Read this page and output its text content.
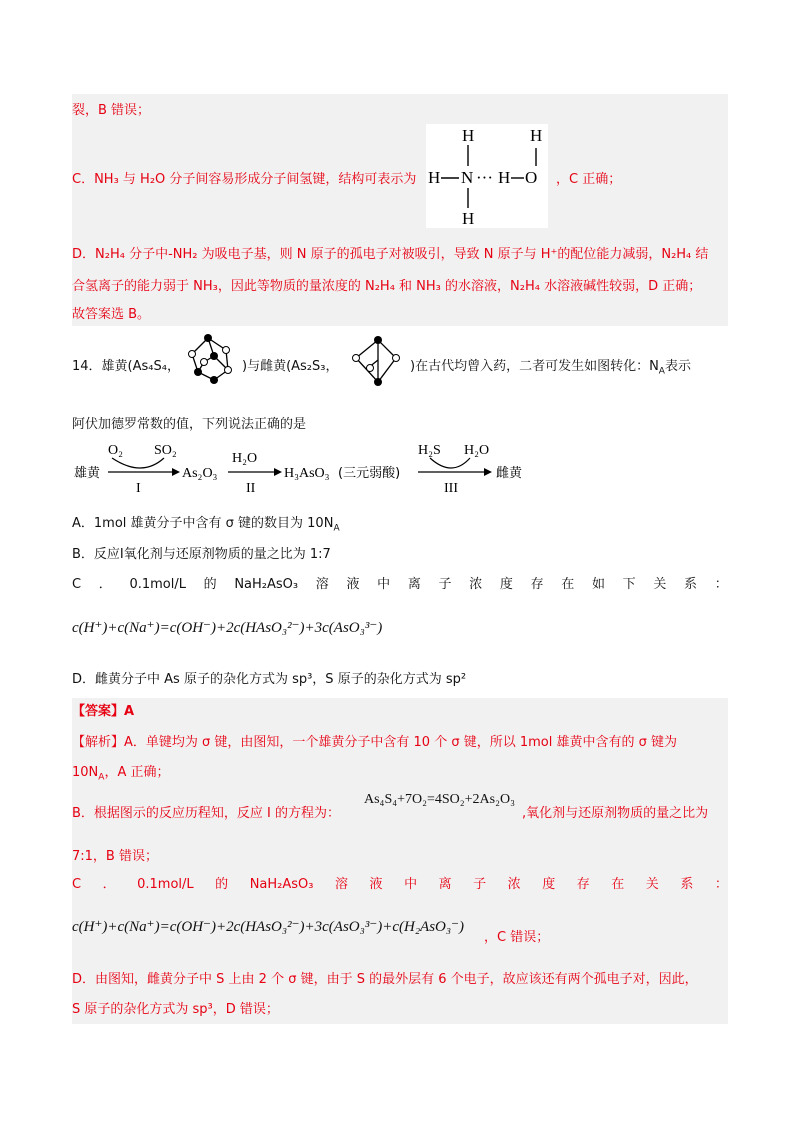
裂，B 错误；
C．NH₃ 与 H₂O 分子间容易形成分子间氢键，结构可表示为	，C 正确；
H
H N ··· H O
H
H
D．N₂H₄ 分子中-NH₂ 为吸电子基，则 N 原子的孤电子对被吸引，导致 N 原子与 H⁺的配位能力减弱，N₂H₄ 结
合氢离子的能力弱于 NH₃，因此等物质的量浓度的 N₂H₄ 和 NH₃ 的水溶液，N₂H₄ 水溶液碱性较弱，D 正确；
故答案选 B。
14．雄黄(As₄S₄，	)与雌黄(As₂S₃，	)在古代均曾入药，二者可发生如图转化：$N_A$表示
阿伏加德罗常数的值，下列说法正确的是
雄黄
O₂ SO₂
I
As₂O₃
H₂O
II
H₃AsO₃ (三元弱酸)
H₂S H₂O
III
雌黄
A．1mol 雄黄分子中含有 σ 键的数目为 $10N_A$
B．反应Ⅰ氧化剂与还原剂物质的量之比为 1:7
C ． 0.1mol/L 的 NaH₂AsO₃ 溶 液 中 离 子 浓 度 存 在 如 下 关 系 ：
c(H⁺)+c(Na⁺)=c(OH⁻)+2c(HAsO₃²⁻)+3c(AsO₃³⁻)
D．雌黄分子中 As 原子的杂化方式为 sp³，S 原子的杂化方式为 sp²
【答案】A
【解析】A．单键均为 σ 键，由图知，一个雄黄分子中含有 10 个 σ 键，所以 1mol 雄黄中含有的 σ 键为
$10N_A$，A 正确；
B．根据图示的反应历程知，反应 I 的方程为：
As₄S₄+7O₂=4SO₂+2As₂O₃
,氧化剂与还原剂物质的量之比为
7:1，B 错误；
C ． 0.1mol/L 的 NaH₂AsO₃ 溶 液 中 离 子 浓 度 存 在 关 系 ：
c(H⁺)+c(Na⁺)=c(OH⁻)+2c(HAsO₃²⁻)+3c(AsO₃³⁻)+c(H₂AsO₃⁻)
，C 错误；
D．由图知，雌黄分子中 S 上由 2 个 σ 键，由于 S 的最外层有 6 个电子，故应该还有两个孤电子对，因此，
S 原子的杂化方式为 sp³，D 错误；
